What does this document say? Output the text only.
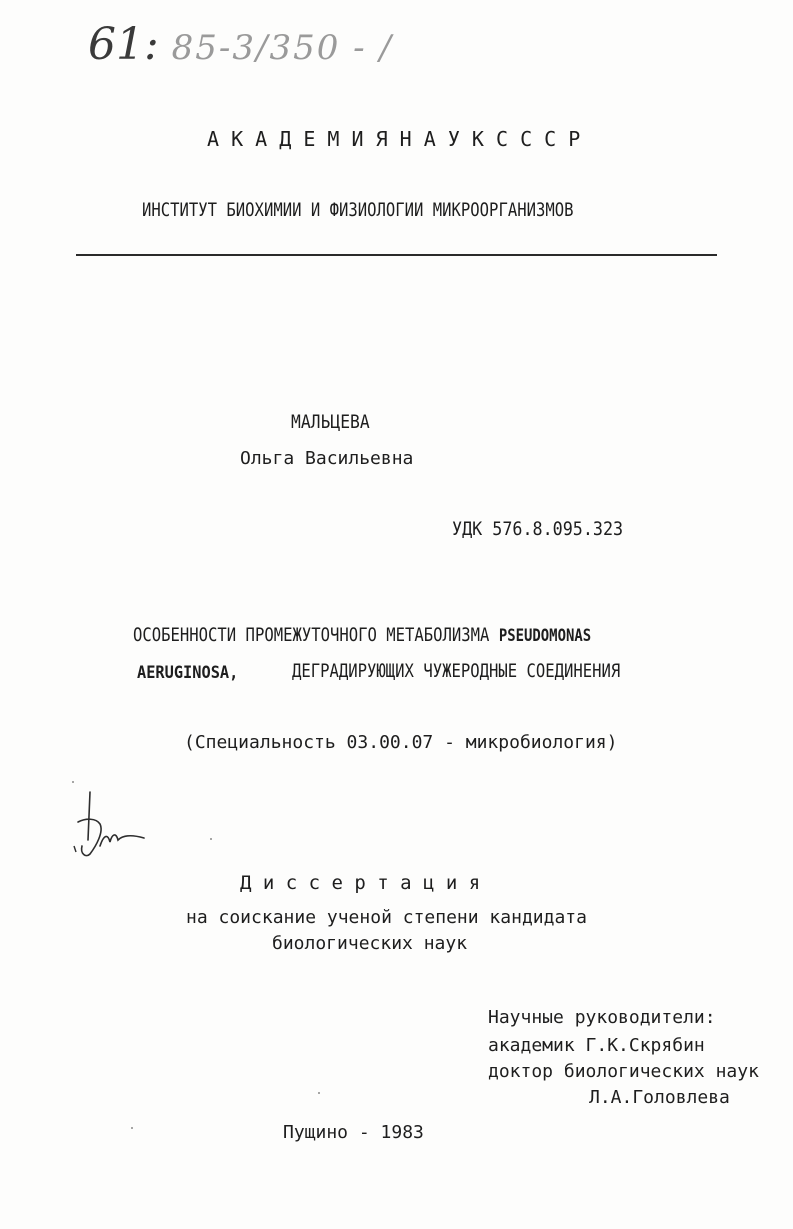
61: 85-3/350 - /
А К А Д Е М И Я Н А У К С С С Р
ИНСТИТУТ БИОХИМИИ И ФИЗИОЛОГИИ МИКРООРГАНИЗМОВ
МАЛЬЦЕВА
Ольга Васильевна
УДК 576.8.095.323
ОСОБЕННОСТИ ПРОМЕЖУТОЧНОГО МЕТАБОЛИЗМА PSEUDOMONAS
AERUGINOSA,	ДЕГРАДИРУЮЩИХ ЧУЖЕРОДНЫЕ СОЕДИНЕНИЯ
(Специальность 03.00.07 - микробиология)
Д и с с е р т а ц и я
на соискание ученой степени кандидата
биологических наук
Научные руководители:
академик Г.К.Скрябин
доктор биологических наук
Л.А.Головлева
Пущино - 1983
